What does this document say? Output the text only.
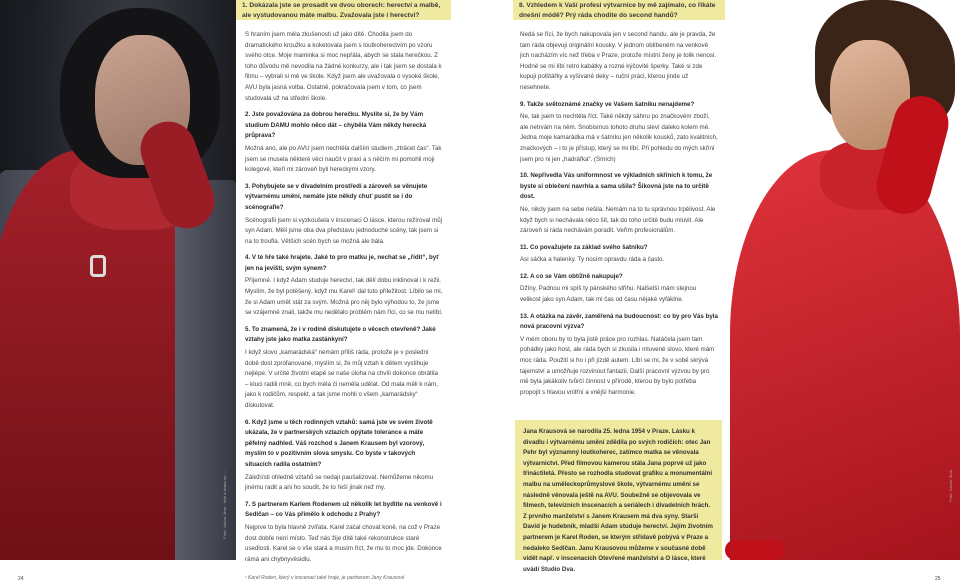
Foto: Václav Jirsa · Hair & make-up: ...

1. Dokázala jste se prosadit ve dvou oborech: herectví a malbě, ale vystudovanou máte malbu. Zvažovala jste i herectví?

8. Vzhledem k Vaší profesi výtvarnice by mě zajímalo, co říkáte dnešní módě? Prý ráda chodíte do second handů?

S hraním jsem měla zkušenosti už jako dítě. Chodila jsem do dramatického kroužku a koketovala jsem s loutkoherectvím po vzoru svého otce. Moje maminka si moc nepřála, abych se stala herečkou. Z toho důvodu mě nevodila na žádné konkurzy, ale i tak jsem se dostala k filmu – vybrali si mě ve škole. Když jsem ale uvažovala o vysoké škole, AVU byla jasná volba. Ostatně, pokračovala jsem v tom, co jsem studovala už na střední škole.

2. Jste považována za dobrou herečku. Myslíte si, že by Vám studium DAMU mohlo něco dát – chyběla Vám někdy herecká průprava?

Možná ano, ale po AVU jsem nechtěla dalším studiem „ztrácet čas“. Tak jsem se musela některé věci naučit v praxi a s něčím mi pomohli moji kolegové, kteří mi zároveň byli hereckými vzory.

3. Pohybujete se v divadelním prostředí a zároveň se věnujete výtvarnému umění, nemáte jste někdy chuť pustit se i do scénografie?

Scénografii jsem si vyzkoušela v inscenaci O lásce, kterou režíroval můj syn Adam. Měli jsme oba dva představu jednoduché scény, tak jsem si na to troufla. Většich scén bych se možná ale bála.

4. V té hře také hrajete. Jaké to pro matku je, nechat se „řídit“, byť jen na jevišti, svým synem?

Příjemné. I když Adam studuje herectví, tak dělí dobu inklinoval i k režii. Myslím, že byl potěšený, když mu Karel¹ dal tuto příležitost. Líbilo se mi, že si Adam umět stát za svým. Možná pro něj bylo výhodou to, že jsme se vzájemně znali, takže mu nedělalo problém nám říci, co se mu nelíbí.

5. To znamená, že i v rodině diskutujete o věcech otevřeně? Jaké vztahy jste jako matka zastánkyní?

I když slovo „kamarádská“ nemám příliš ráda, protože je v poslední době dost zprofanované, myslím si, že můj vztah k dětem vystihuje nejlépe. V určité životní etapě se naše úloha na chvíli dokonce obrátila – kluci radili mně, co bych měla či neměla udělat. Od mala měli k nám, jako k rodičům, respekt, a tak jsme mohli o všem „kamarádsky“ diskutovat.

6. Když jsme u těch rodinných vztahů: samá jste ve svém životě ukázala, že v partnerských vztazích opýtate tolerance a máte pěfelný nadhled. Váš rozchod s Janem Krausem byl vzorový, myslím to v pozitivním slova smyslu. Co byste v takových situacích radila ostatním?

Záleží/sti ohledně vztahů se nedají paušalizovat. Nemůžeme nikomu jinému radit a ani ho soudit, že to řeší jinak než my.

7. S partnerem Karlem Rodenem už několik let bydlíte na venkově i Sedlčan – co Vás přimělo k odchodu z Prahy?

Nejprve to byla hlavně zvířata. Karel začal chovat koně, na což v Praze dost dobře není místo. Teď nás žije dítě také rekonstrukce staré usedlosti. Karel se o vše stará a musím říct, že mu to moc jde. Dokonce rámá ani chybnyvěsidlu.

¹ Karel Roden, který v inscenaci také hraje, je partnerem Jany Krausové

Nedá se říci, že bych nakupovala jen v second handu, ale je pravda, že tam ráda objevuji originální kousky. V jednom oblíbeném na venkově jich nacházím víc než třeba v Praze, protože místní ženy je tolik nenosí. Hodně se mi líbí retro kabátky a rozné kýčovité šperky. Také si zde kupuji polštářky a vyšívané deky – ruční práci, kterou jinde už nesehnete.

9. Takže světoznámé značky ve Vašem šatníku nenajdeme?

Ne, tak jsem to nechtěla říct. Také někdy sáhnu po značkovém zboží, ale netrvám na něm. Snobismus tohoto druhu sleví daleko kolem mě. Jedna moje kamarádka má v šatníku jen několik kousků, zato kvalitních, značkových – i to je přístup, který se mi líbí. Při pohledu do mých skříní jsem pro ni jen „hadrářka“. (Smích)

10. Nepřivedla Vás uniformnost ve výkladních skříních k tomu, že byste si oblečení navrhla a sama ušila? Šikovná jste na to určitě dost.

Ne, nikdy jsem na sebe nešila. Nemám na to tu správnou trpělivost. Ale když bych si nechávala něco šít, tak do toho určitě budu mluvit. Ale zároveň si ráda nechávám poradit. Veřím profesionálům.

11. Co považujete za základ svého šatníku?

Asi sáčka a halenky. Ty nosím opravdu ráda a často.

12. A co se Vám obtížně nakupuje?

Džíny. Padnou mi spíš ty pánského střihu. Nalšetší mám stejnou velikost jako syn Adam, tak mi čas od času nějaké vyfáklne.

13. A otázka na závěr, zaměřená na budoucnost: co by pro Vás byla nová pracovní výzva?

V mém oboru by to byla jistě práce pro rozhlas. Natáčela jsem tam pohádky jako host, ale ráda bych si zkusila i mluvené slovo, které mám moc ráda. Použití si ho i při jízdě autem. Líbí se mi, že v sobě skrývá tajemství a umožňuje rozvinout fantazii. Další pracovní výzvou by pro mě byla jakákoliv tvůrčí činnost v přírodě, kterou by bylo potřeba propojit s hlavou vnitřní a vnější harmonie.

Jana Krausová se narodila 25. ledna 1954 v Praze. Lásku k divadlu i výtvarnému umění zdědila po svých rodičích: otec Jan Pehr byl významný loutkoherec, zatímco matka se věnovala výtvarnictví. Před filmovou kamerou stála Jana poprvé už jako třináctiletá. Přesto se rozhodla studovat grafiku a monumentální malbu na uměleckoprůmyslové škole, výtvarnému umění se následně věnovala ještě na AVU. Soubežně se objevovala ve filmech, televizních inscenacích a seriálech i divadelních hrách. Z prvního manželství s Janem Krausem má dva syny. Starší David je hudebník, mladší Adam studuje herectví. Jejím životním partnerem je Karel Roden, se kterým střídavě pobývá v Praze a nedaleko Sedlčan. Janu Krausovou můžeme v současné době vidět např. v inscenacích Otevřené manželství a O lásce, které uvádí Studio Dva.
Foto: Václav Jirsa
24	25
